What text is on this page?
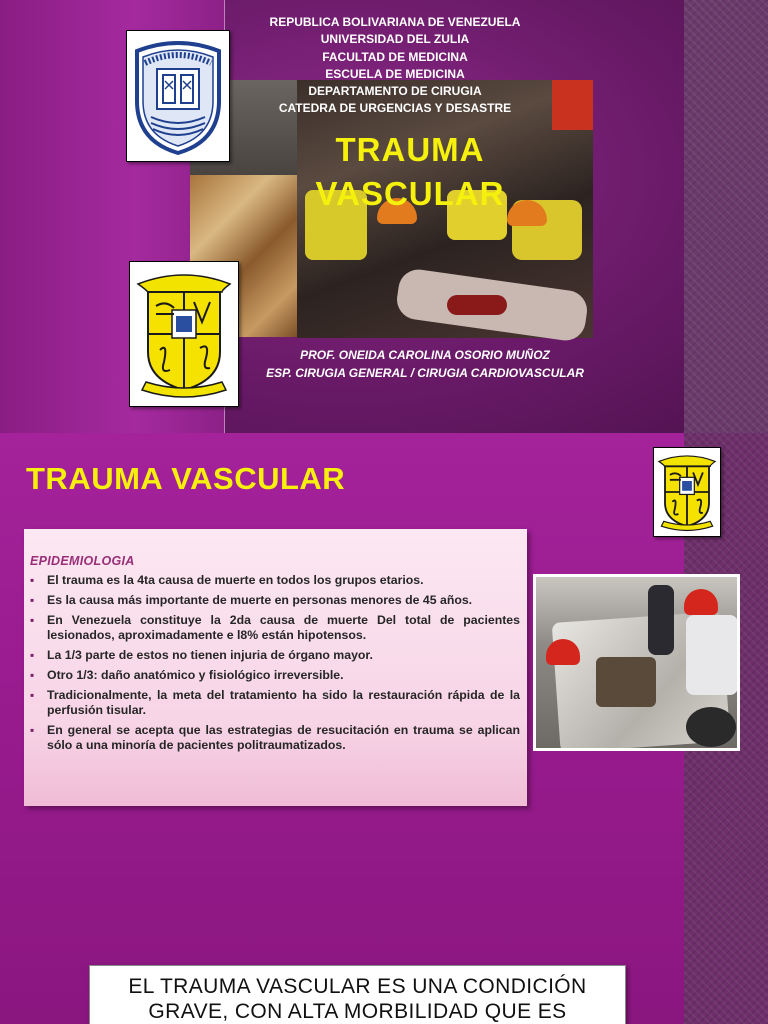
REPUBLICA BOLIVARIANA DE VENEZUELA
UNIVERSIDAD DEL ZULIA
FACULTAD DE MEDICINA
ESCUELA DE MEDICINA
DEPARTAMENTO DE CIRUGIA
CATEDRA DE URGENCIAS Y DESASTRE
TRAUMA
VASCULAR
PROF. ONEIDA CAROLINA OSORIO MUÑOZ
ESP. CIRUGIA GENERAL / CIRUGIA CARDIOVASCULAR
TRAUMA VASCULAR
EPIDEMIOLOGIA
▪ El trauma es la 4ta causa de muerte en todos los grupos etarios.
▪ Es la causa más importante de muerte en personas menores de 45 años.
▪ En Venezuela constituye la 2da causa de muerte Del total de pacientes lesionados, aproximadamente e l8% están hipotensos.
▪ La 1/3 parte de estos no tienen injuria de órgano mayor.
▪ Otro 1/3: daño anatómico y fisiológico irreversible.
▪ Tradicionalmente, la meta del tratamiento ha sido la restauración rápida de la perfusión tisular.
▪ En general se acepta que las estrategias de resucitación en trauma se aplican sólo a una minoría de pacientes politraumatizados.
EL TRAUMA VASCULAR ES UNA CONDICIÓN
GRAVE, CON ALTA MORBILIDAD QUE ES
